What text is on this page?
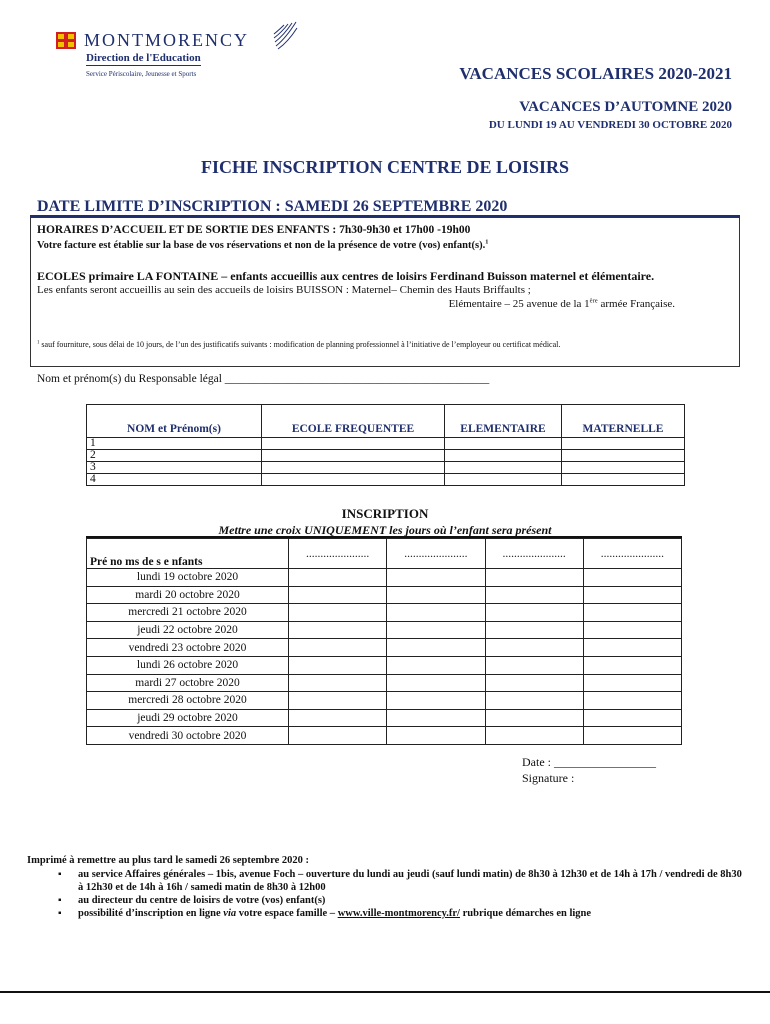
MONTMORENCY
Direction de l'Education
Service Périscolaire, Jeunesse et Sports	VACANCES SCOLAIRES 2020-2021
VACANCES D’AUTOMNE 2020
DU LUNDI 19 AU VENDREDI 30 OCTOBRE 2020
FICHE INSCRIPTION CENTRE DE LOISIRS
DATE LIMITE D’INSCRIPTION : SAMEDI 26 SEPTEMBRE 2020
HORAIRES D’ACCUEIL ET DE SORTIE DES ENFANTS : 7h30-9h30 et 17h00 -19h00
Votre facture est établie sur la base de vos réservations et non de la présence de votre (vos) enfant(s).$^1$
ECOLES primaire LA FONTAINE – enfants accueillis aux centres de loisirs Ferdinand Buisson maternel et élémentaire.
Les enfants seront accueillis au sein des accueils de loisirs BUISSON : Maternel– Chemin des Hauts Briffaults ;
Elémentaire – 25 avenue de la 1ère armée Française.
$^1$ sauf fourniture, sous délai de 10 jours, de l’un des justificatifs suivants : modification de planning professionnel à l’initiative de l’employeur ou certificat médical.
Nom et prénom(s) du Responsable légal ______________________________________________
NOM et Prénom(s)	ECOLE FREQUENTEE	ELEMENTAIRE	MATERNELLE
1			
2			
3			
4			
INSCRIPTION
Mettre une croix UNIQUEMENT les jours où l’enfant sera présent
Pré no ms de s e nfants	......................	......................	......................	......................
lundi 19 octobre 2020				
mardi 20 octobre 2020				
mercredi 21 octobre 2020				
jeudi 22 octobre 2020				
vendredi 23 octobre 2020				
lundi 26 octobre 2020				
mardi 27 octobre 2020				
mercredi 28 octobre 2020				
jeudi 29 octobre 2020				
vendredi 30 octobre 2020				
Date : _________________
Signature :
Imprimé à remettre au plus tard le samedi 26 septembre 2020 :
▪ au service Affaires générales – 1bis, avenue Foch – ouverture du lundi au jeudi (sauf lundi matin) de 8h30 à 12h30 et de 14h à 17h / vendredi de 8h30 à 12h30 et de 14h à 16h / samedi matin de 8h30 à 12h00
▪ au directeur du centre de loisirs de votre (vos) enfant(s)
▪ possibilité d’inscription en ligne via votre espace famille – www.ville-montmorency.fr/ rubrique démarches en ligne
